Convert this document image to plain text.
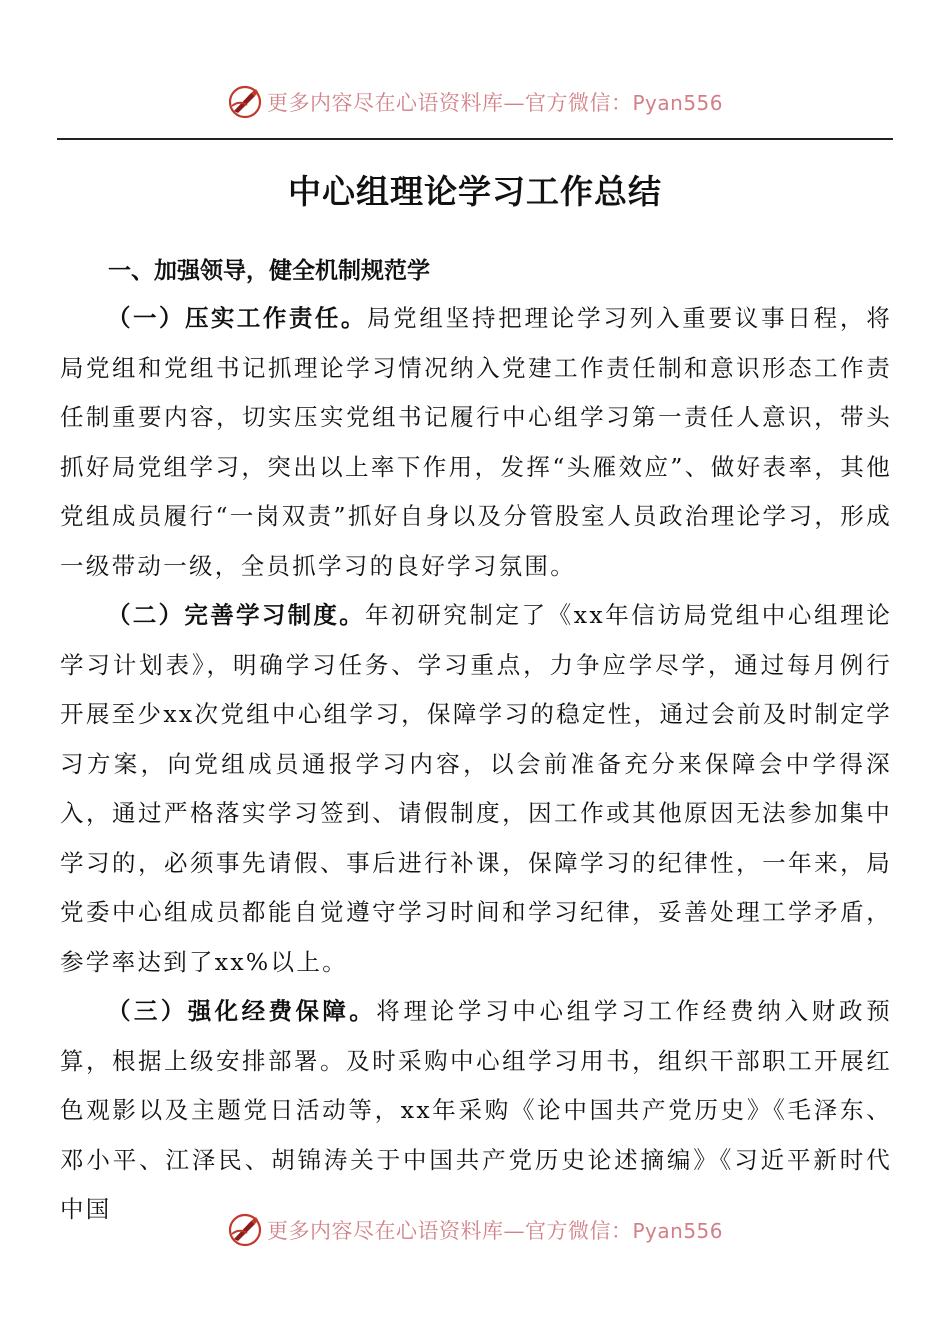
更多内容尽在心语资料库—官方微信：Pyan556
中心组理论学习工作总结
一、加强领导，健全机制规范学

（一）压实工作责任。局党组坚持把理论学习列入重要议事日程，将局党组和党组书记抓理论学习情况纳入党建工作责任制和意识形态工作责任制重要内容，切实压实党组书记履行中心组学习第一责任人意识，带头抓好局党组学习，突出以上率下作用，发挥“头雁效应”、做好表率，其他党组成员履行“一岗双责”抓好自身以及分管股室人员政治理论学习，形成一级带动一级，全员抓学习的良好学习氛围。

（二）完善学习制度。年初研究制定了《xx年信访局党组中心组理论学习计划表》，明确学习任务、学习重点，力争应学尽学，通过每月例行开展至少xx次党组中心组学习，保障学习的稳定性，通过会前及时制定学习方案，向党组成员通报学习内容，以会前准备充分来保障会中学得深入，通过严格落实学习签到、请假制度，因工作或其他原因无法参加集中学习的，必须事先请假、事后进行补课，保障学习的纪律性，一年来，局党委中心组成员都能自觉遵守学习时间和学习纪律，妥善处理工学矛盾，参学率达到了xx%以上。

（三）强化经费保障。将理论学习中心组学习工作经费纳入财政预算，根据上级安排部署。及时采购中心组学习用书，组织干部职工开展红色观影以及主题党日活动等，xx年采购《论中国共产党历史》《毛泽东、邓小平、江泽民、胡锦涛关于中国共产党历史论述摘编》《习近平新时代中国

更多内容尽在心语资料库—官方微信：Pyan556
